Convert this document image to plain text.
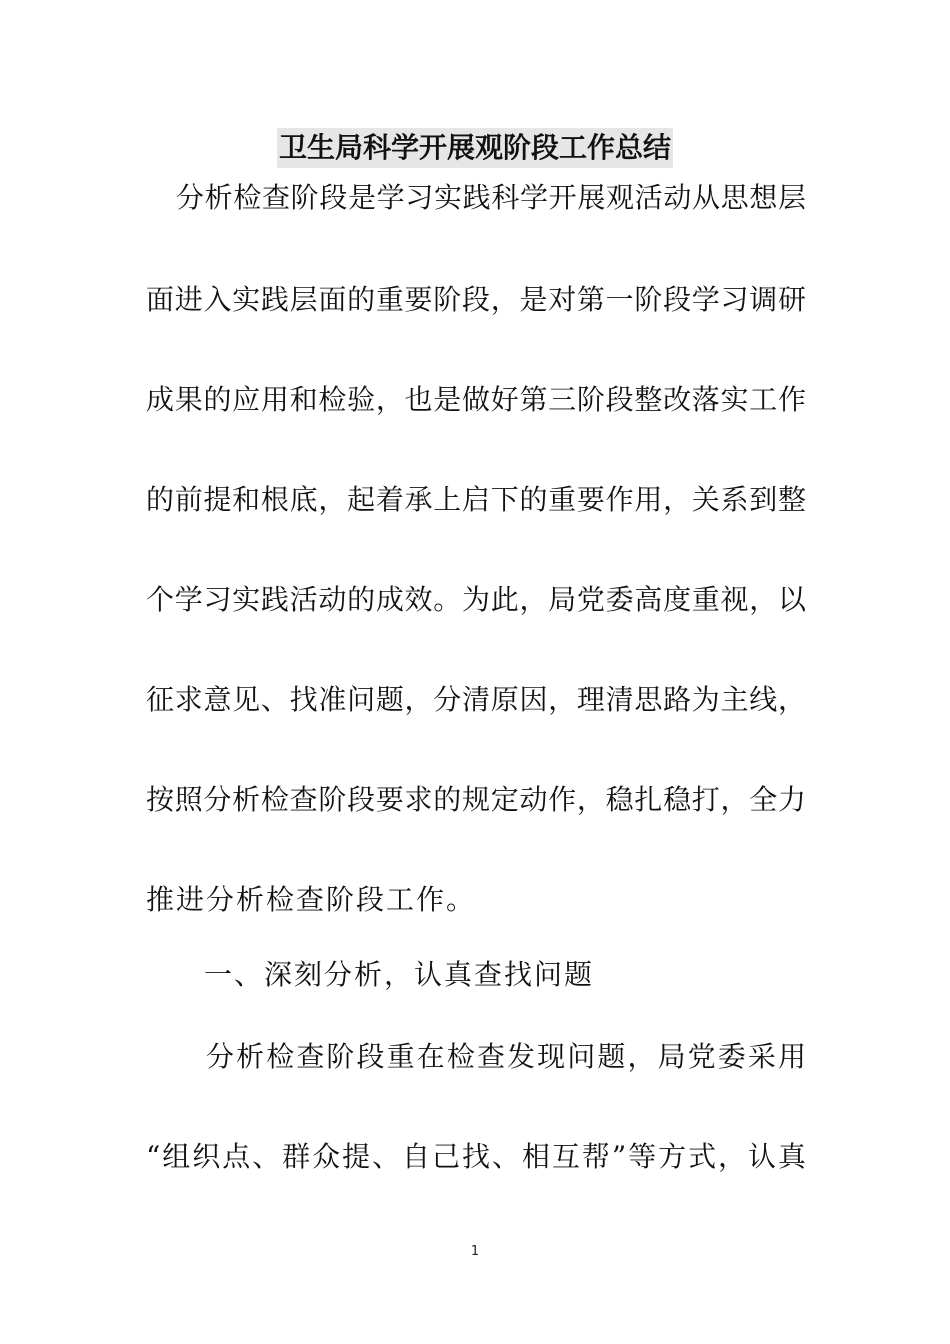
卫生局科学开展观阶段工作总结
分析检查阶段是学习实践科学开展观活动从思想层
面进入实践层面的重要阶段，是对第一阶段学习调研
成果的应用和检验，也是做好第三阶段整改落实工作
的前提和根底，起着承上启下的重要作用，关系到整
个学习实践活动的成效。为此，局党委高度重视，以
征求意见、找准问题，分清原因，理清思路为主线，
按照分析检查阶段要求的规定动作，稳扎稳打，全力
推进分析检查阶段工作。
一、深刻分析，认真查找问题
分析检查阶段重在检查发现问题，局党委采用
“组织点、群众提、自己找、相互帮”等方式，认真
1
